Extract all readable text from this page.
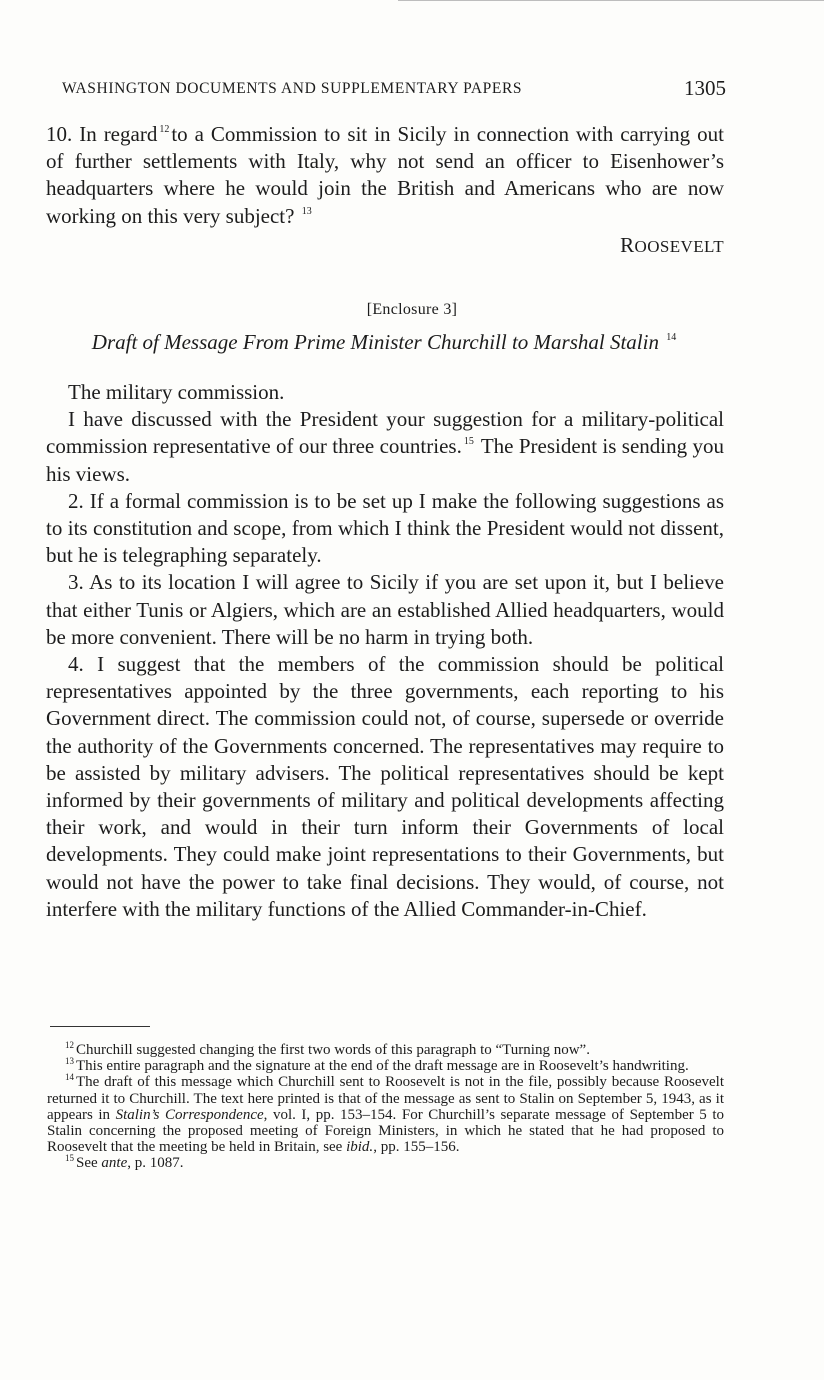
WASHINGTON DOCUMENTS AND SUPPLEMENTARY PAPERS	1305

10. In regard $^{12}$to a Commission to sit in Sicily in connection with carrying out of further settlements with Italy, why not send an officer to Eisenhower’s headquarters where he would join the British and Americans who are now working on this very subject? $^{13}$

ROOSEVELT
[Enclosure 3]
Draft of Message From Prime Minister Churchill to Marshal Stalin $^{14}$

The military commission.

I have discussed with the President your suggestion for a military-political commission representative of our three countries. $^{15}$ The President is sending you his views.

2. If a formal commission is to be set up I make the following suggestions as to its constitution and scope, from which I think the President would not dissent, but he is telegraphing separately.

3. As to its location I will agree to Sicily if you are set upon it, but I believe that either Tunis or Algiers, which are an established Allied headquarters, would be more convenient. There will be no harm in trying both.

4. I suggest that the members of the commission should be political representatives appointed by the three governments, each reporting to his Government direct. The commission could not, of course, supersede or override the authority of the Governments concerned. The representatives may require to be assisted by military advisers. The political representatives should be kept informed by their governments of military and political developments affecting their work, and would in their turn inform their Governments of local developments. They could make joint representations to their Governments, but would not have the power to take final decisions. They would, of course, not interfere with the military functions of the Allied Commander-in-Chief.

$^{12}$ Churchill suggested changing the first two words of this paragraph to “Turning now”.

$^{13}$ This entire paragraph and the signature at the end of the draft message are in Roosevelt’s handwriting.

$^{14}$ The draft of this message which Churchill sent to Roosevelt is not in the file, possibly because Roosevelt returned it to Churchill. The text here printed is that of the message as sent to Stalin on September 5, 1943, as it appears in Stalin’s Correspondence, vol. I, pp. 153–154. For Churchill’s separate message of September 5 to Stalin concerning the proposed meeting of Foreign Ministers, in which he stated that he had proposed to Roosevelt that the meeting be held in Britain, see ibid., pp. 155–156.

$^{15}$ See ante, p. 1087.
